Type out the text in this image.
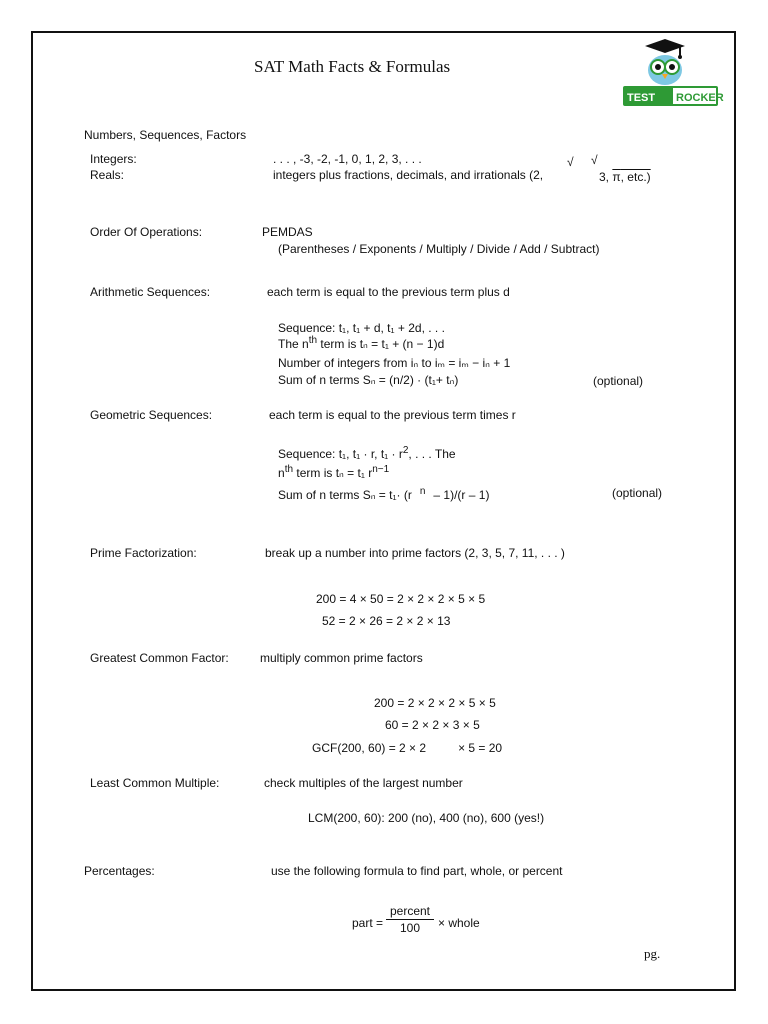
SAT Math Facts & Formulas
TEST ROCKER
Numbers, Sequences, Factors
Integers:	. . . , -3, -2, -1, 0, 1, 2, 3, . . .
Reals:	integers plus fractions, decimals, and irrationals (2,
√ √
3, $\overline{\pi}$, etc.)
Order Of Operations:	PEMDAS
(Parentheses / Exponents / Multiply / Divide / Add / Subtract)
Arithmetic Sequences:	each term is equal to the previous term plus d
Sequence: t₁, t₁ + d, t₁ + 2d, . . .
The $n^{th}$ term is tₙ = t₁ + (n − 1)d
Number of integers from iₙ to iₘ = iₘ − iₙ + 1
Sum of n terms Sₙ = (n/2) · (t₁+ tₙ)	(optional)
Geometric Sequences:	each term is equal to the previous term times r
Sequence: t₁, t₁ · r, $t_1 \cdot r^2$, . . . The
$n^{th}$ term is tₙ = t₁ $r^{n-1}$
Sum of n terms Sₙ = t₁· (r $^n$ – 1)/(r – 1)	(optional)
Prime Factorization:	break up a number into prime factors (2, 3, 5, 7, 11, . . . )
200 = 4 × 50 = 2 × 2 × 2 × 5 × 5
52 = 2 × 26 = 2 × 2 × 13
Greatest Common Factor:	multiply common prime factors
200 = 2 × 2 × 2 × 5 × 5
60 = 2 × 2 × 3 × 5
GCF(200, 60) = 2 × 2	× 5 = 20
Least Common Multiple:	check multiples of the largest number
LCM(200, 60): 200 (no), 400 (no), 600 (yes!)
Percentages:	use the following formula to find part, whole, or percent
part =
percent
100	× whole
pg.
